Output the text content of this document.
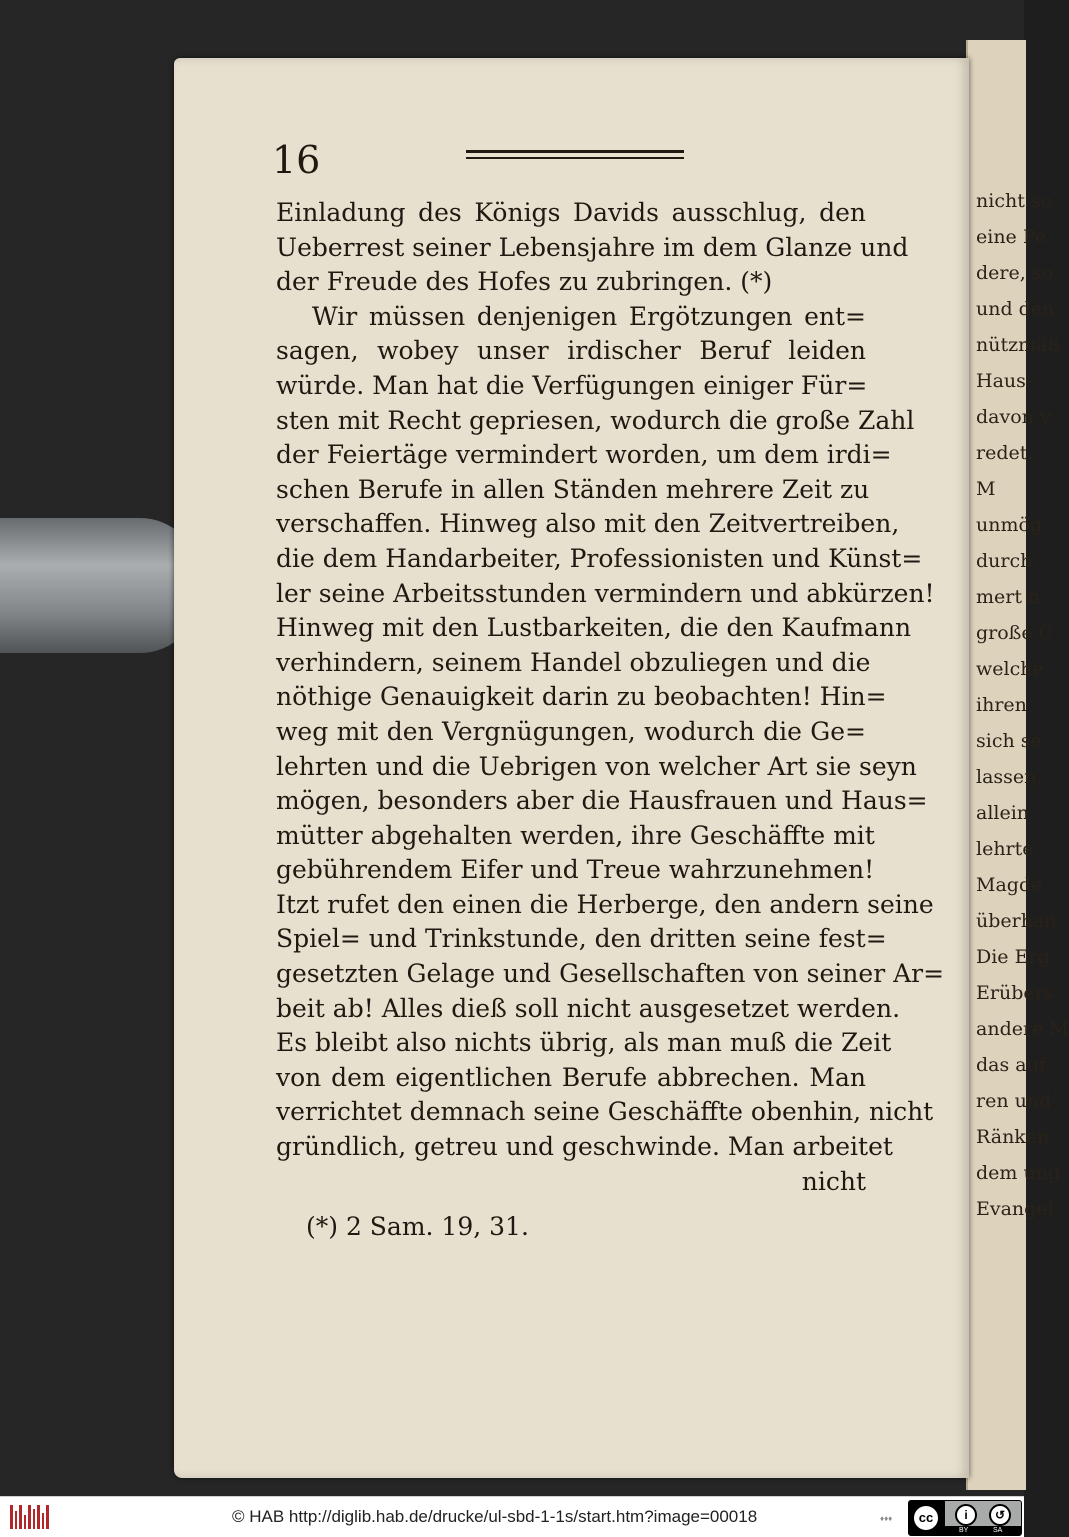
nicht so
eine Pe
dere, so
und den
nützmäß
Haus-
davon v
redet.
M
unmög
durch
mert n
große C
welche
ihren
sich se
lassen,
allein
lehrte
Magde
überhan
Die Erg
Erübers
andere M
das auf
ren und
Ränken
dem ung
Evangel
16
Einladung des Königs Davids ausschlug, den
Ueberrest seiner Lebensjahre im dem Glanze und
der Freude des Hofes zu zubringen. (*)
Wir müssen denjenigen Ergötzungen ent=
sagen, wobey unser irdischer Beruf leiden
würde. Man hat die Verfügungen einiger Für=
sten mit Recht gepriesen, wodurch die große Zahl
der Feiertäge vermindert worden, um dem irdi=
schen Berufe in allen Ständen mehrere Zeit zu
verschaffen. Hinweg also mit den Zeitvertreiben,
die dem Handarbeiter, Professionisten und Künst=
ler seine Arbeitsstunden vermindern und abkürzen!
Hinweg mit den Lustbarkeiten, die den Kaufmann
verhindern, seinem Handel obzuliegen und die
nöthige Genauigkeit darin zu beobachten! Hin=
weg mit den Vergnügungen, wodurch die Ge=
lehrten und die Uebrigen von welcher Art sie seyn
mögen, besonders aber die Hausfrauen und Haus=
mütter abgehalten werden, ihre Geschäffte mit
gebührendem Eifer und Treue wahrzunehmen!
Itzt rufet den einen die Herberge, den andern seine
Spiel= und Trinkstunde, den dritten seine fest=
gesetzten Gelage und Gesellschaften von seiner Ar=
beit ab! Alles dieß soll nicht ausgesetzet werden.
Es bleibt also nichts übrig, als man muß die Zeit
von dem eigentlichen Berufe abbrechen. Man
verrichtet demnach seine Geschäffte obenhin, nicht
gründlich, getreu und geschwinde. Man arbeitet
nicht
(*) 2 Sam. 19, 31.
© HAB http://diglib.hab.de/drucke/ul-sbd-1-1s/start.htm?image=00018	♦♦♦	cc	i	↺
BY	SA
